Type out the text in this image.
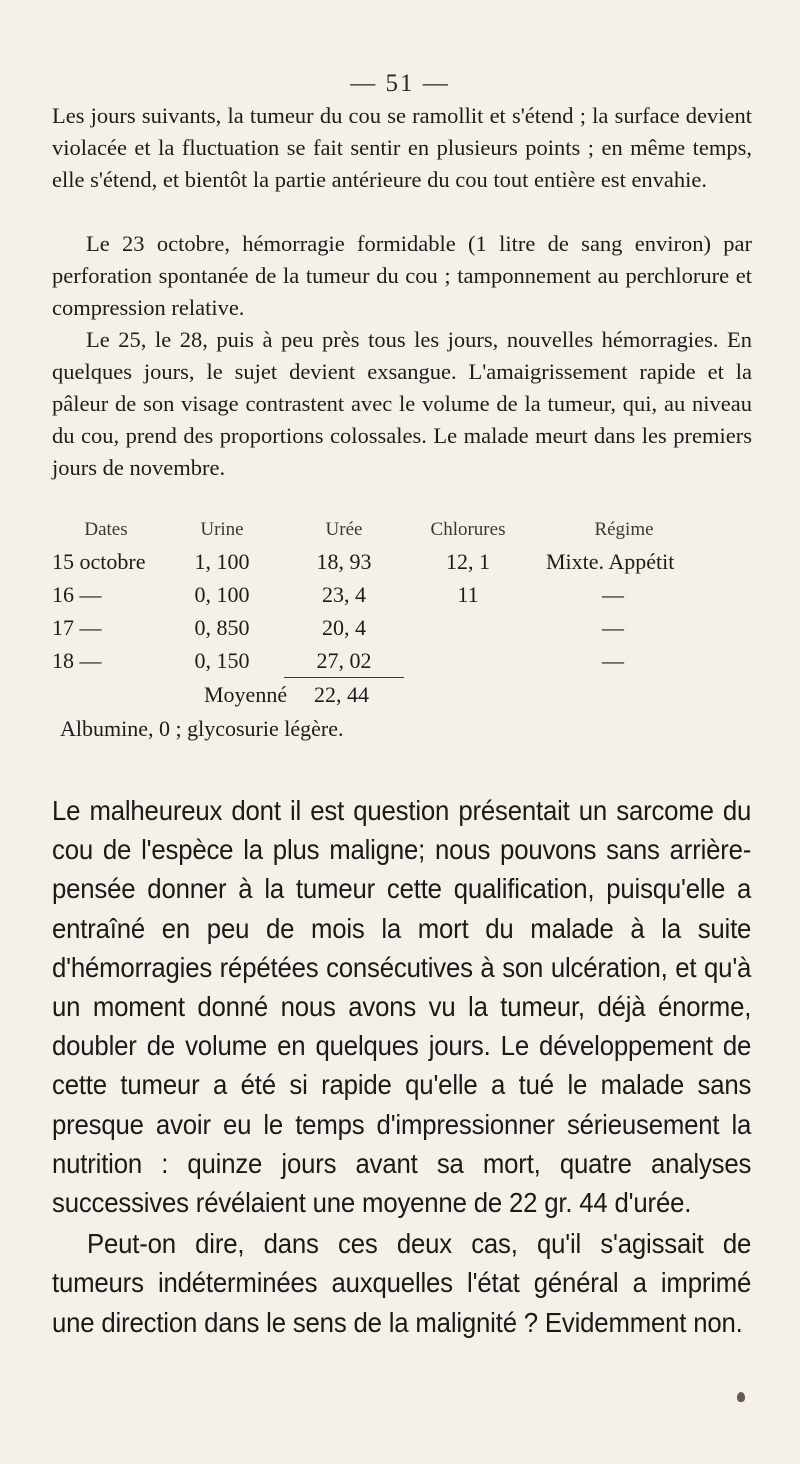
— 51 —

Les jours suivants, la tumeur du cou se ramollit et s'étend ; la surface devient violacée et la fluctuation se fait sentir en plusieurs points ; en même temps, elle s'étend, et bientôt la partie antérieure du cou tout entière est envahie.

Le 23 octobre, hémorragie formidable (1 litre de sang environ) par perforation spontanée de la tumeur du cou ; tamponnement au perchlorure et compression relative.

Le 25, le 28, puis à peu près tous les jours, nouvelles hémorragies. En quelques jours, le sujet devient exsangue. L'amaigrissement rapide et la pâleur de son visage contrastent avec le volume de la tumeur, qui, au niveau du cou, prend des proportions colossales. Le malade meurt dans les premiers jours de novembre.

Dates	Urine	Urée	Chlorures	Régime
15 octobre	1, 100	18, 93	12, 1	Mixte. Appétit
16 —	0, 100	23, 4	11	—
17 —	0, 850	20, 4		—
18 —	0, 150	27, 02		—
Moyenné 22, 44
Albumine, 0 ; glycosurie légère.

Le malheureux dont il est question présentait un sarcome du cou de l'espèce la plus maligne; nous pouvons sans arrière-pensée donner à la tumeur cette qualification, puisqu'elle a entraîné en peu de mois la mort du malade à la suite d'hémorragies répétées consécutives à son ulcération, et qu'à un moment donné nous avons vu la tumeur, déjà énorme, doubler de volume en quelques jours. Le développement de cette tumeur a été si rapide qu'elle a tué le malade sans presque avoir eu le temps d'impressionner sérieusement la nutrition : quinze jours avant sa mort, quatre analyses successives révélaient une moyenne de 22 gr. 44 d'urée.

Peut-on dire, dans ces deux cas, qu'il s'agissait de tumeurs indéterminées auxquelles l'état général a imprimé une direction dans le sens de la malignité ? Evidemment non.
